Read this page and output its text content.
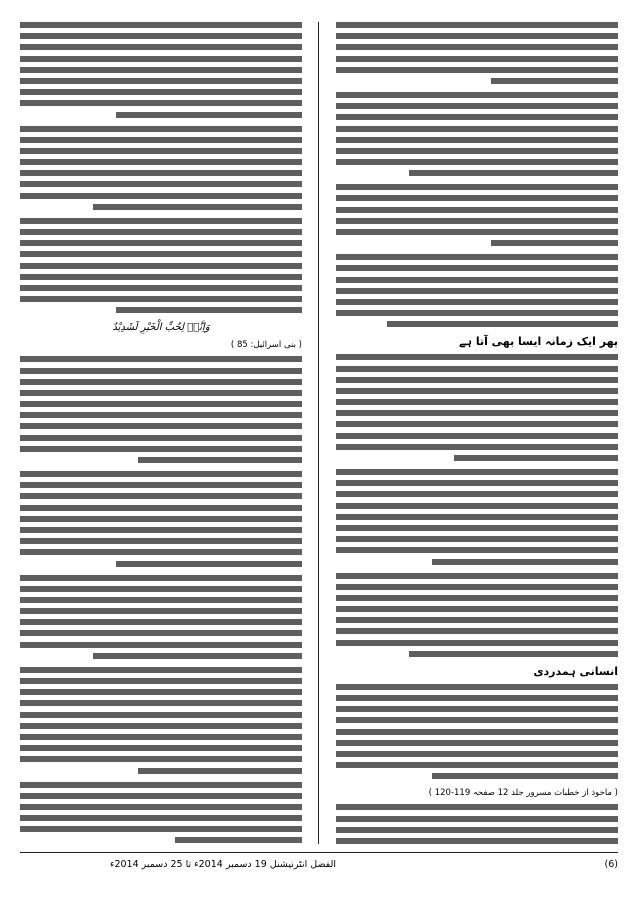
پھر ایک زمانہ ایسا بھی آتا ہے
انسانی ہمدردی
( ماخوذ از خطبات مسرور جلد 12 صفحہ 119-120 )
وَاِنَّہٗ لِحُبِّ الْخَیْرِ لَشَدِیْدٌ
( بنی اسرائیل: 85 )
الفضل انٹرنیشنل 19 دسمبر 2014ء تا 25 دسمبر 2014ء	(6)
